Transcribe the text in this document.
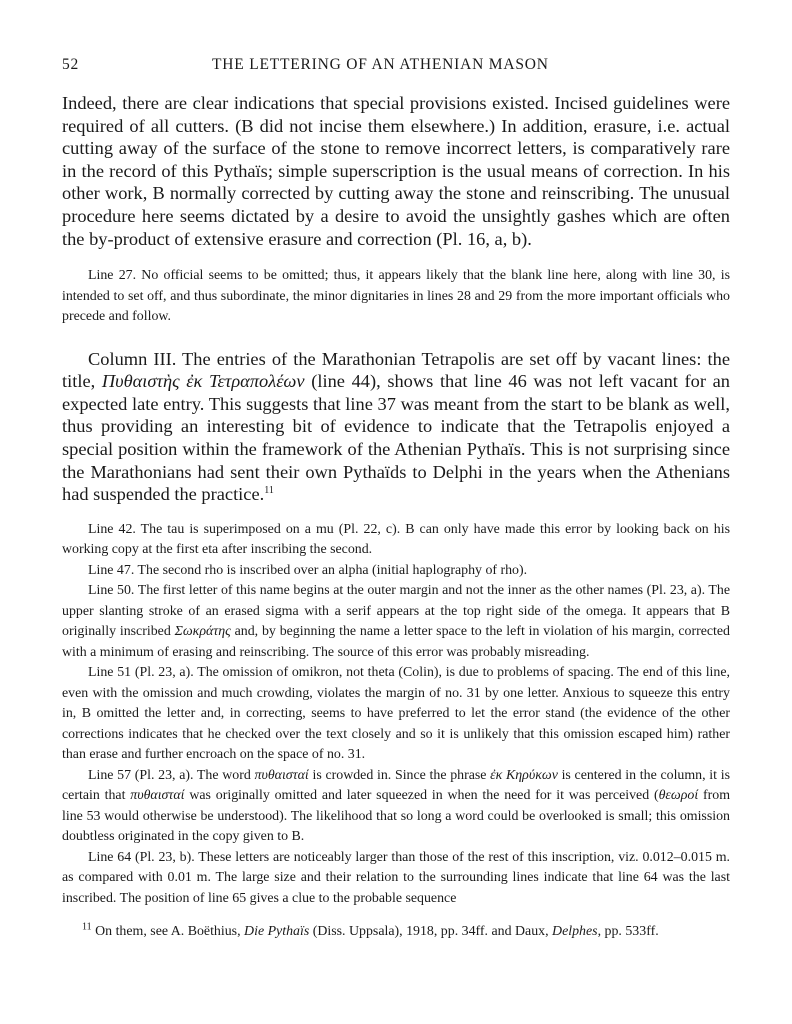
52	THE LETTERING OF AN ATHENIAN MASON

Indeed, there are clear indications that special provisions existed. Incised guidelines were required of all cutters. (B did not incise them elsewhere.) In addition, erasure, i.e. actual cutting away of the surface of the stone to remove incorrect letters, is comparatively rare in the record of this Pythaïs; simple superscription is the usual means of correction. In his other work, B normally corrected by cutting away the stone and reinscribing. The unusual procedure here seems dictated by a desire to avoid the unsightly gashes which are often the by-product of extensive erasure and correction (Pl. 16, a, b).

Line 27. No official seems to be omitted; thus, it appears likely that the blank line here, along with line 30, is intended to set off, and thus subordinate, the minor dignitaries in lines 28 and 29 from the more important officials who precede and follow.

Column III. The entries of the Marathonian Tetrapolis are set off by vacant lines: the title, Πυθαιστὴς ἐκ Τετραπολέων (line 44), shows that line 46 was not left vacant for an expected late entry. This suggests that line 37 was meant from the start to be blank as well, thus providing an interesting bit of evidence to indicate that the Tetrapolis enjoyed a special position within the framework of the Athenian Pythaïs. This is not surprising since the Marathonians had sent their own Pythaïds to Delphi in the years when the Athenians had suspended the practice.$^{11}$

Line 42. The tau is superimposed on a mu (Pl. 22, c). B can only have made this error by looking back on his working copy at the first eta after inscribing the second.

Line 47. The second rho is inscribed over an alpha (initial haplography of rho).

Line 50. The first letter of this name begins at the outer margin and not the inner as the other names (Pl. 23, a). The upper slanting stroke of an erased sigma with a serif appears at the top right side of the omega. It appears that B originally inscribed Σωκράτης and, by beginning the name a letter space to the left in violation of his margin, corrected with a minimum of erasing and reinscribing. The source of this error was probably misreading.

Line 51 (Pl. 23, a). The omission of omikron, not theta (Colin), is due to problems of spacing. The end of this line, even with the omission and much crowding, violates the margin of no. 31 by one letter. Anxious to squeeze this entry in, B omitted the letter and, in correcting, seems to have preferred to let the error stand (the evidence of the other corrections indicates that he checked over the text closely and so it is unlikely that this omission escaped him) rather than erase and further encroach on the space of no. 31.

Line 57 (Pl. 23, a). The word πυθαισταί is crowded in. Since the phrase ἐκ Κηρύκων is centered in the column, it is certain that πυθαισταί was originally omitted and later squeezed in when the need for it was perceived (θεωροί from line 53 would otherwise be understood). The likelihood that so long a word could be overlooked is small; this omission doubtless originated in the copy given to B.

Line 64 (Pl. 23, b). These letters are noticeably larger than those of the rest of this inscription, viz. 0.012–0.015 m. as compared with 0.01 m. The large size and their relation to the surrounding lines indicate that line 64 was the last inscribed. The position of line 65 gives a clue to the probable sequence

$^{11}$ On them, see A. Boëthius, Die Pythaïs (Diss. Uppsala), 1918, pp. 34ff. and Daux, Delphes, pp. 533ff.
